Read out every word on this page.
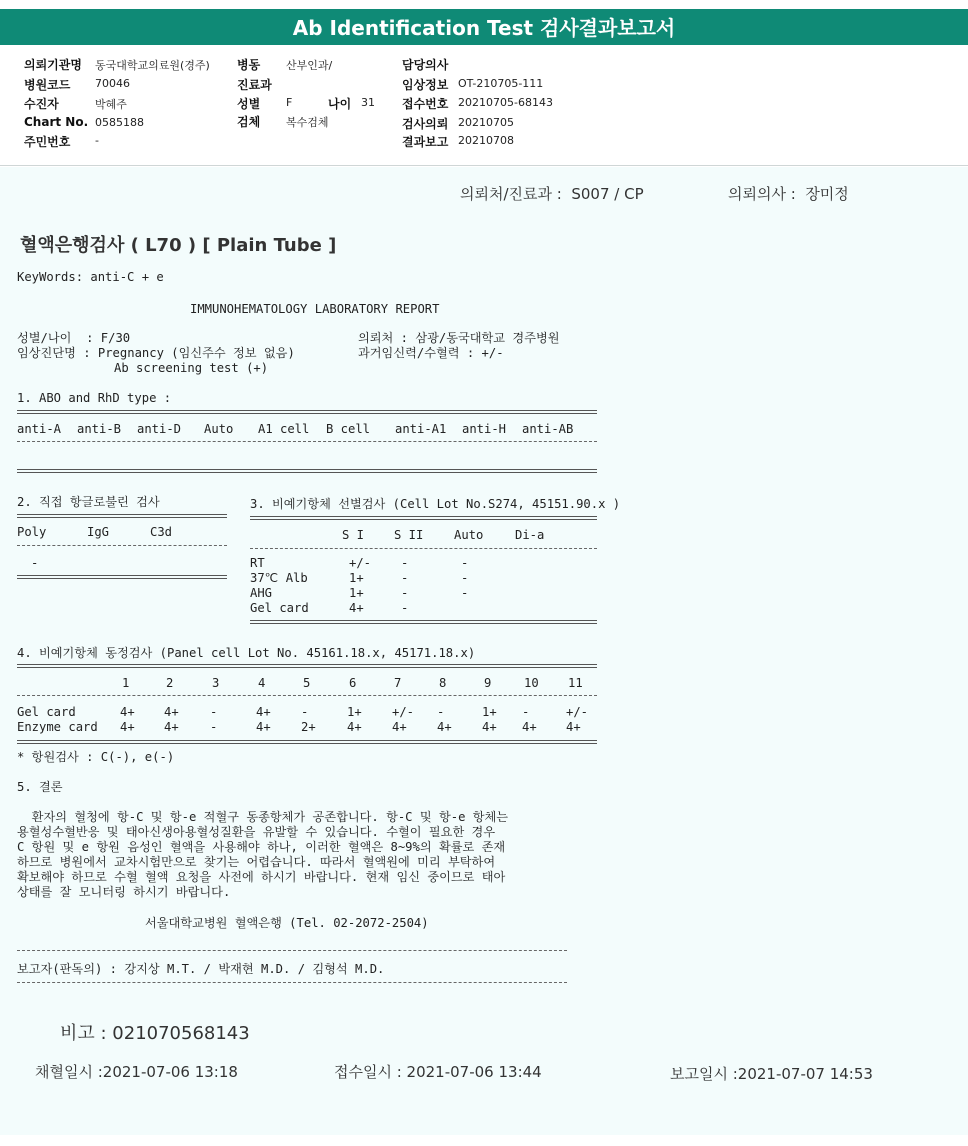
Ab Identification Test 검사결과보고서
의뢰기관명 동국대학교의료원(경주)
병원코드 70046
수진자	박혜주
Chart No. 0585188
주민번호 -
병동 산부인과/
진료과
성별 F	나이 31
검체 복수검체
담당의사
임상정보 OT-210705-111
접수번호 20210705-68143
검사의뢰 20210705
결과보고 20210708
의뢰처/진료과 :  S007 / CP	의뢰의사 :  장미정
혈액은행검사 ( L70 ) [ Plain Tube ]
KeyWords: anti-C + e
IMMUNOHEMATOLOGY LABORATORY REPORT
성별/나이  : F/30	의뢰처 : 삼광/동국대학교 경주병원
임상진단명 : Pregnancy (임신주수 정보 없음)	과거임신력/수혈력 : +/-
Ab screening test (+)
1. ABO and RhD type :
anti-A anti-B anti-D Auto A1 cell B cell anti-A1 anti-H anti-AB
2. 직접 항글로불린 검사
Poly	IgG	C3d
-
3. 비예기항체 선별검사 (Cell Lot No.S274, 45151.90.x )
S I S II	Auto	Di-a
RT	+/- -	-
37℃ Alb	1+	-	-
AHG	1+	-	-
Gel card	4+	-
4. 비예기항체 동정검사 (Panel cell Lot No. 45161.18.x, 45171.18.x)
1	2	3	4	5	6	7	8	9	10 11
Gel card	4+ 4+	-	4+ -	1+ +/- -	1+ -	+/-
Enzyme card 4+ 4+	-	4+ 2+	4+ 4+ 4+ 4+ 4+ 4+
* 항원검사 : C(-), e(-)
5. 결론
환자의 혈청에 항-C 및 항-e 적혈구 동종항체가 공존합니다. 항-C 및 항-e 항체는
용혈성수혈반응 및 태아신생아용혈성질환을 유발할 수 있습니다. 수혈이 필요한 경우
C 항원 및 e 항원 음성인 혈액을 사용해야 하나, 이러한 혈액은 8~9%의 확률로 존재
하므로 병원에서 교차시험만으로 찾기는 어렵습니다. 따라서 혈액원에 미리 부탁하여
확보해야 하므로 수혈 혈액 요청을 사전에 하시기 바랍니다. 현재 임신 중이므로 태아
상태를 잘 모니터링 하시기 바랍니다.
서울대학교병원 혈액은행 (Tel. 02-2072-2504)
보고자(판독의) : 강지상 M.T. / 박재현 M.D. / 김형석 M.D.
비고 : 021070568143
채혈일시 :2021-07-06 13:18	접수일시 : 2021-07-06 13:44	보고일시 :2021-07-07 14:53
